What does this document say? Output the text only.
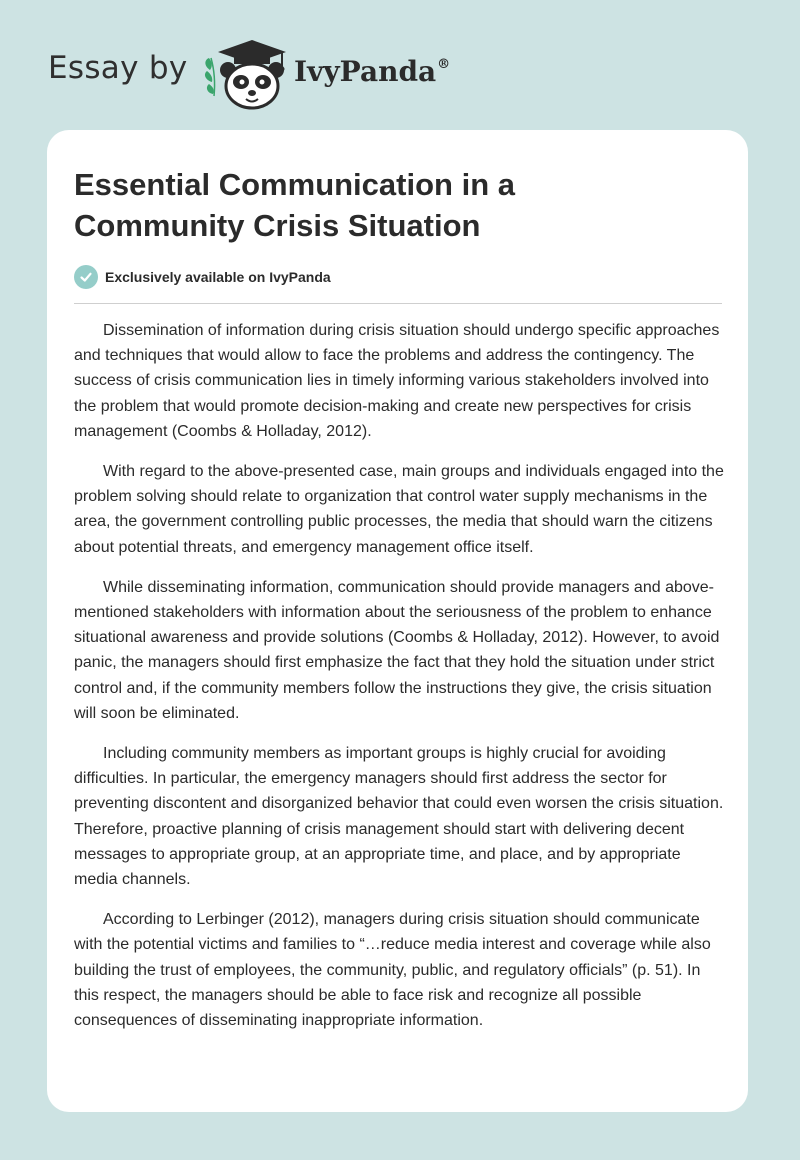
Essay by	IvyPanda®
Essential Communication in a Community Crisis Situation
Exclusively available on IvyPanda

Dissemination of information during crisis situation should undergo specific approaches and techniques that would allow to face the problems and address the contingency. The success of crisis communication lies in timely informing various stakeholders involved into the problem that would promote decision-making and create new perspectives for crisis management (Coombs & Holladay, 2012).

With regard to the above-presented case, main groups and individuals engaged into the problem solving should relate to organization that control water supply mechanisms in the area, the government controlling public processes, the media that should warn the citizens about potential threats, and emergency management office itself.

While disseminating information, communication should provide managers and above-mentioned stakeholders with information about the seriousness of the problem to enhance situational awareness and provide solutions (Coombs & Holladay, 2012). However, to avoid panic, the managers should first emphasize the fact that they hold the situation under strict control and, if the community members follow the instructions they give, the crisis situation will soon be eliminated.

Including community members as important groups is highly crucial for avoiding difficulties. In particular, the emergency managers should first address the sector for preventing discontent and disorganized behavior that could even worsen the crisis situation. Therefore, proactive planning of crisis management should start with delivering decent messages to appropriate group, at an appropriate time, and place, and by appropriate media channels.

According to Lerbinger (2012), managers during crisis situation should communicate with the potential victims and families to “…reduce media interest and coverage while also building the trust of employees, the community, public, and regulatory officials” (p. 51). In this respect, the managers should be able to face risk and recognize all possible consequences of disseminating inappropriate information.
